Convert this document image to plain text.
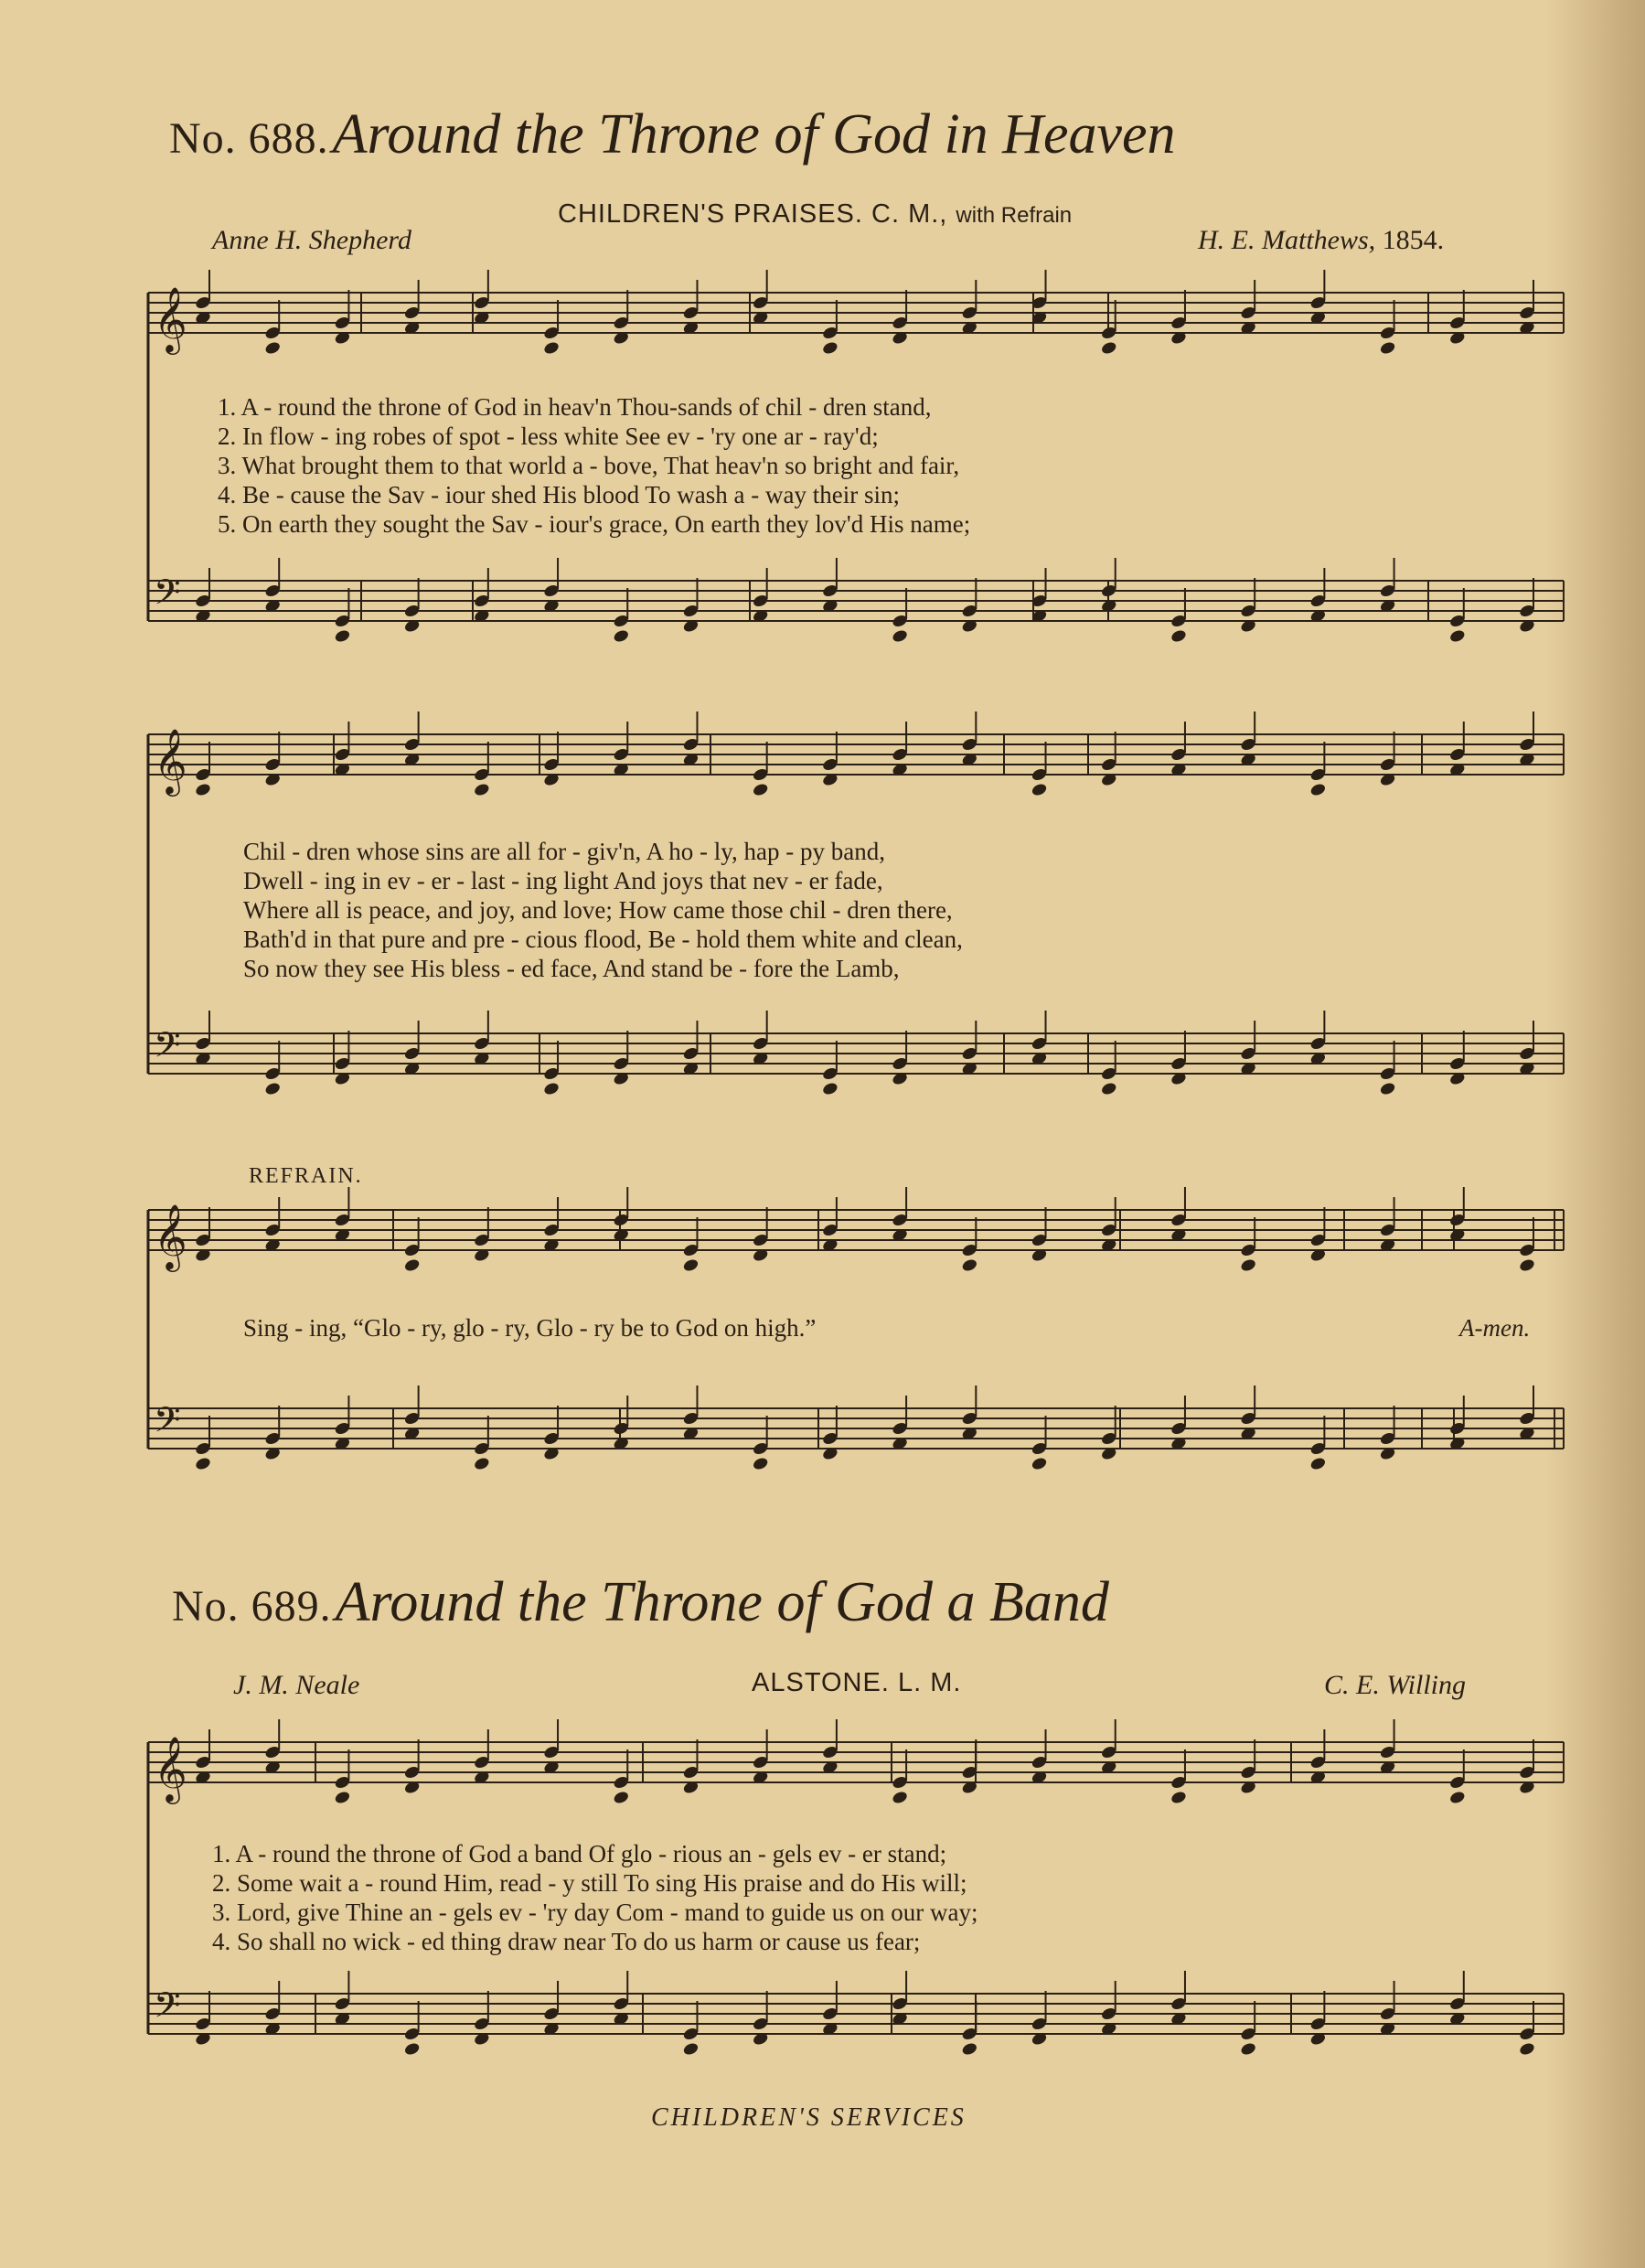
No. 688. Around the Throne of God in Heaven
CHILDREN'S PRAISES. C. M., with Refrain
Anne H. Shepherd	H. E. Matthews, 1854.
No. 689. Around the Throne of God a Band
J. M. Neale	ALSTONE. L. M.	C. E. Willing
𝄞
𝄢
𝄞
𝄢
𝄞
𝄢
𝄞
𝄢
1. A - round the throne of God in heav'n Thou-sands of chil - dren stand,
2. In flow - ing robes of spot - less white See ev - 'ry one ar - ray'd;
3. What brought them to that world a - bove, That heav'n so bright and fair,
4. Be - cause the Sav - iour shed His blood To wash a - way their sin;
5. On earth they sought the Sav - iour's grace, On earth they lov'd His name;
Chil - dren whose sins are all for - giv'n, A ho - ly, hap - py band,
Dwell - ing in ev - er - last - ing light And joys that nev - er fade,
Where all is peace, and joy, and love; How came those chil - dren there,
Bath'd in that pure and pre - cious flood, Be - hold them white and clean,
So now they see His bless - ed face, And stand be - fore the Lamb,
REFRAIN.
Sing - ing, “Glo - ry, glo - ry, Glo - ry be to God on high.”	A-men.
1. A - round the throne of God a band Of glo - rious an - gels ev - er stand;
2. Some wait a - round Him, read - y still To sing His praise and do His will;
3. Lord, give Thine an - gels ev - 'ry day Com - mand to guide us on our way;
4. So shall no wick - ed thing draw near To do us harm or cause us fear;
CHILDREN'S SERVICES
